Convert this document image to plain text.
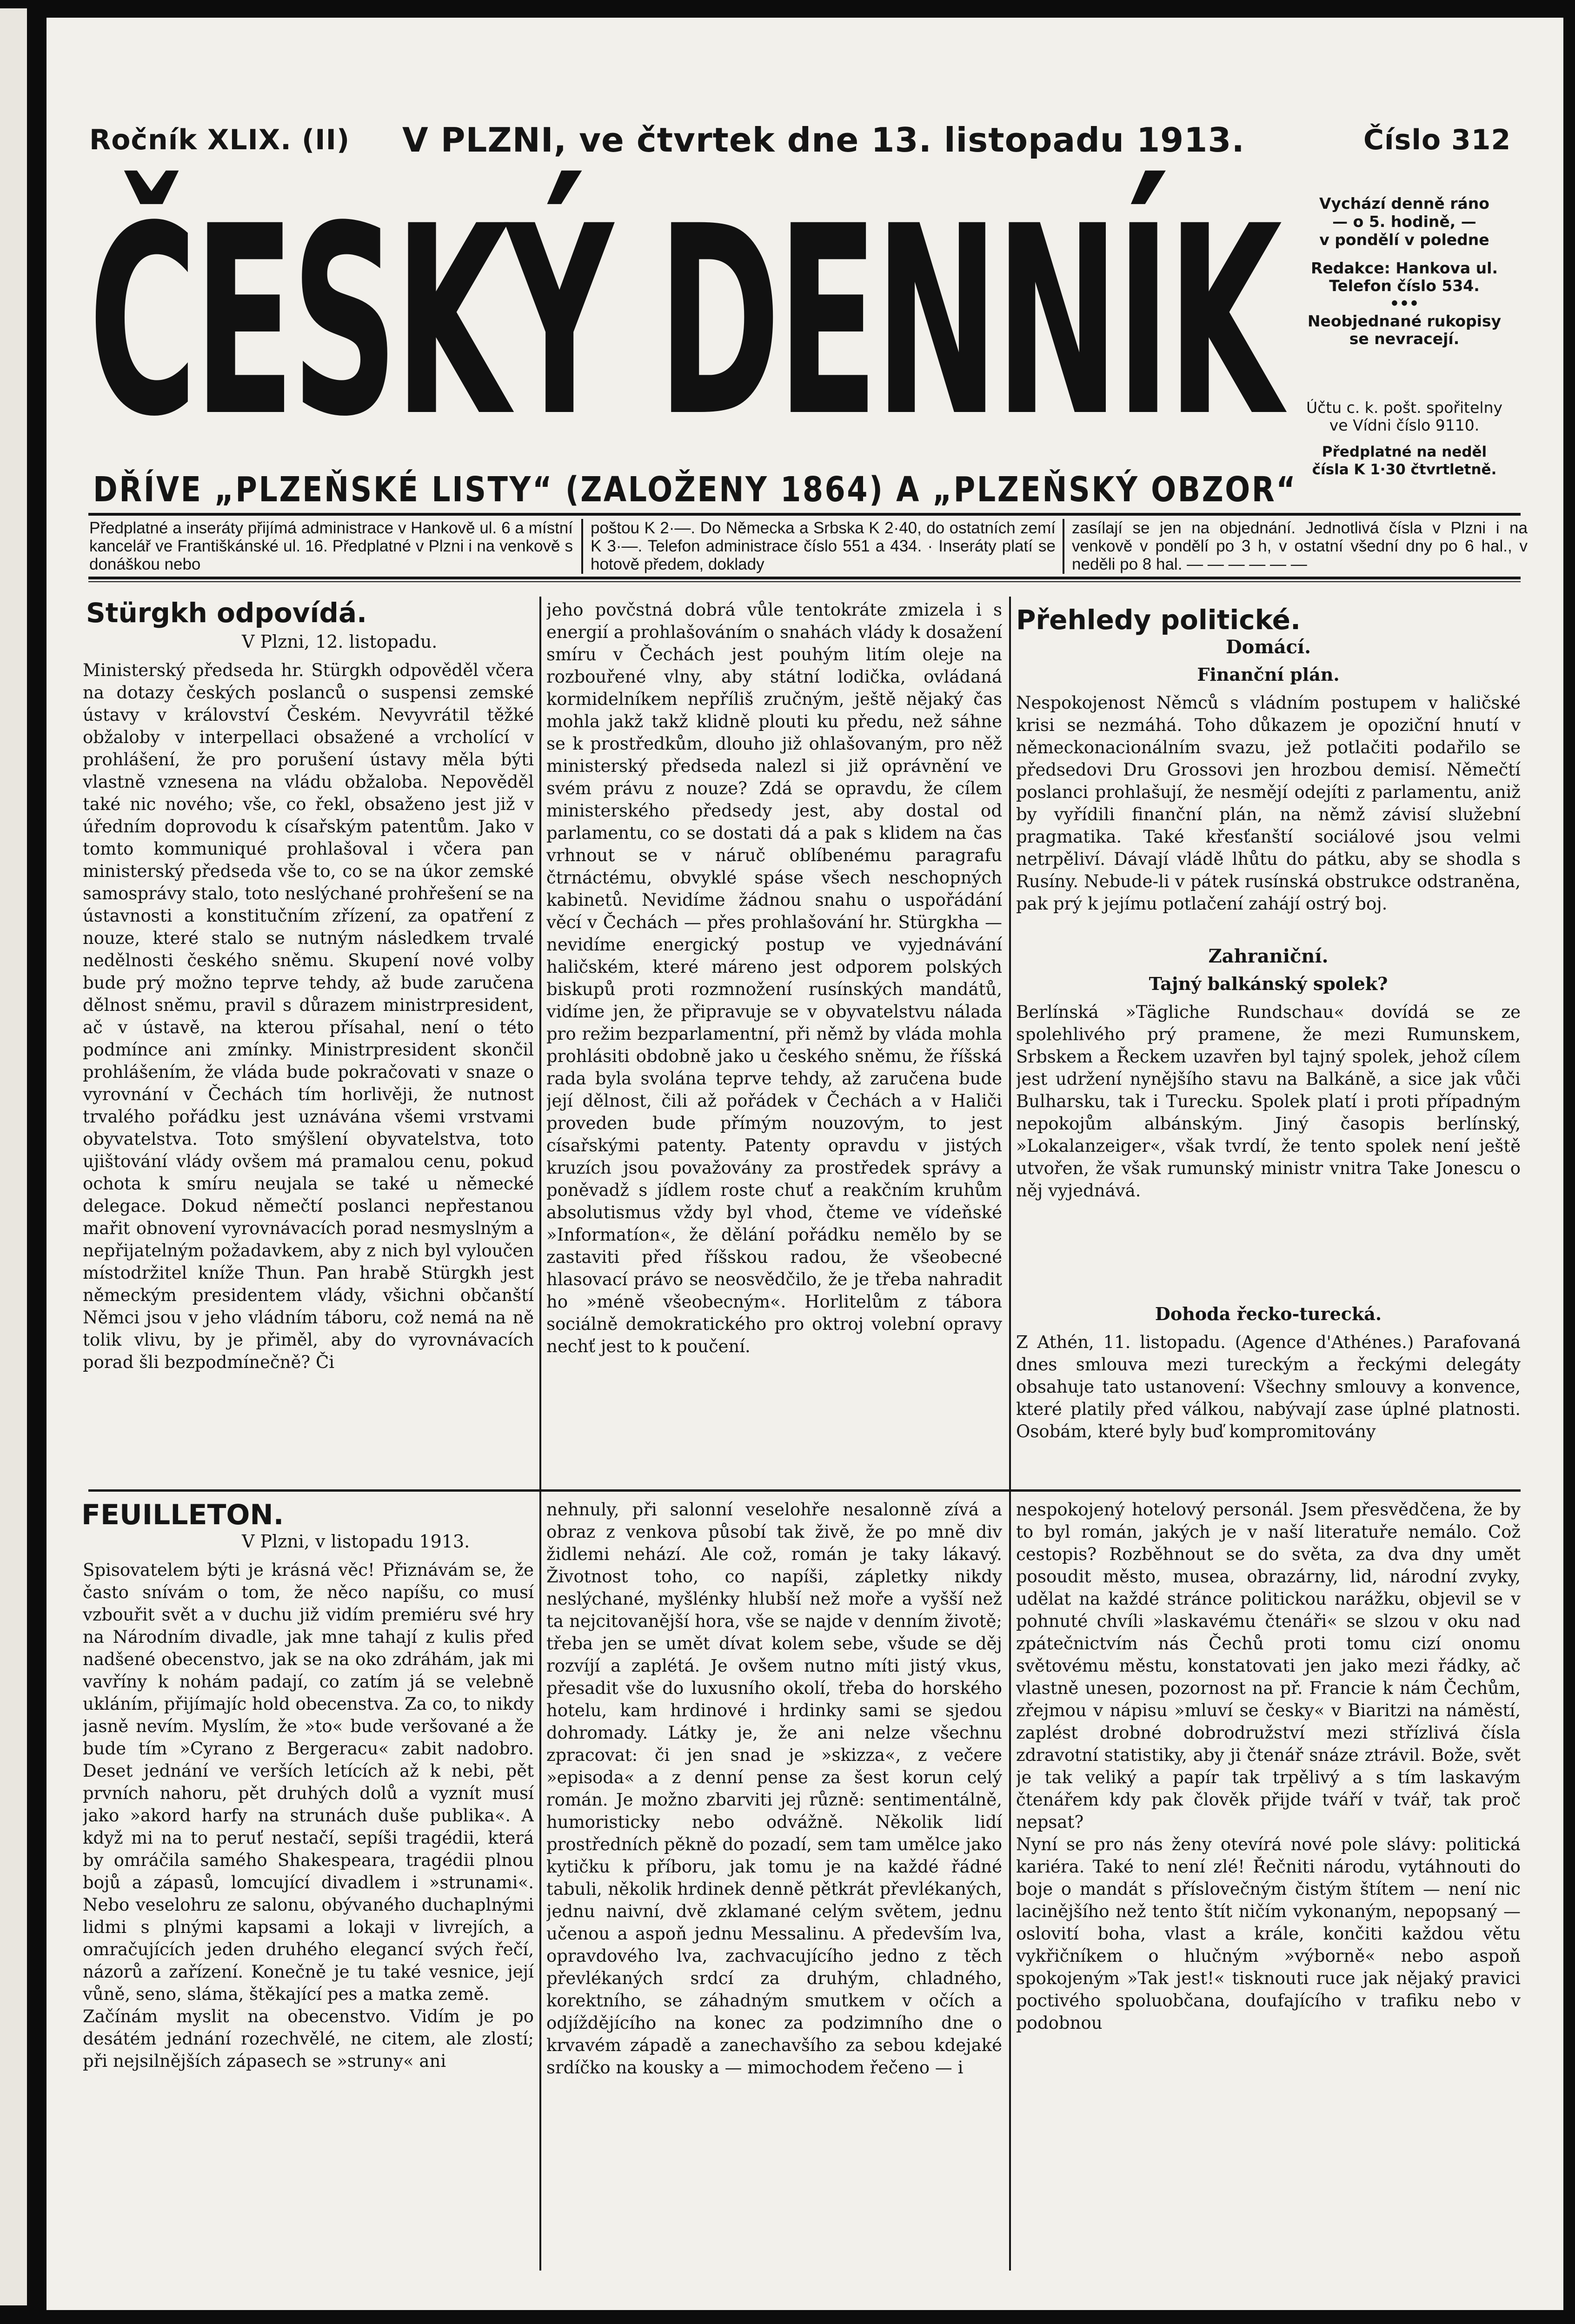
Ročník XLIX. (II)	V PLZNI, ve čtvrtek dne 13. listopadu 1913.	Číslo 312
ČESKÝ DENNÍK	Vychází denně ráno
— o 5. hodině, —
v pondělí v poledne
Redakce: Hankova ul.
Telefon číslo 534.
•••
Neobjednané rukopisy
se nevracejí.
Účtu c. k. pošt. spořitelny
ve Vídni číslo 9110.
Předplatné na neděl
čísla K 1·30 čtvrtletně.
DŘÍVE „PLZEŇSKÉ LISTY“ (ZALOŽENY 1864) A „PLZEŇSKÝ OBZOR“
Předplatné a inseráty přijímá administrace v Hankově ul. 6 a místní kancelář ve Františkánské ul. 16. Předplatné v Plzni i na venkově s donáškou nebo
poštou K 2·—. Do Německa a Srbska K 2·40, do ostatních zemí K 3·—. Telefon administrace číslo 551 a 434. · Inseráty platí se hotově předem, doklady
zasílají se jen na objednání. Jednotlivá čísla v Plzni i na venkově v pondělí po 3 h, v ostatní všední dny po 6 hal., v neděli po 8 hal. — — — — — —
Stürgkh odpovídá.
V Plzni, 12. listopadu.
Ministerský předseda hr. Stürgkh odpověděl včera na dotazy českých poslanců o suspensi zemské ústavy v království Českém. Nevyvrátil těžké obžaloby v interpellaci obsažené a vrcholící v prohlášení, že pro porušení ústavy měla býti vlastně vznesena na vládu obžaloba. Nepověděl také nic nového; vše, co řekl, obsaženo jest již v úředním doprovodu k císařským patentům. Jako v tomto kommuniqué prohlašoval i včera pan ministerský předseda vše to, co se na úkor zemské samosprávy stalo, toto neslýchané prohřešení se na ústavnosti a konstitučním zřízení, za opatření z nouze, které stalo se nutným následkem trvalé nedělnosti českého sněmu. Skupení nové volby bude prý možno teprve tehdy, až bude zaručena dělnost sněmu, pravil s důrazem ministrpresident, ač v ústavě, na kterou přísahal, není o této podmínce ani zmínky. Ministrpresident skončil prohlášením, že vláda bude pokračovati v snaze o vyrovnání v Čechách tím horlivěji, že nutnost trvalého pořádku jest uznávána všemi vrstvami obyvatelstva. Toto smýšlení obyvatelstva, toto ujištování vlády ovšem má pramalou cenu, pokud ochota k smíru neujala se také u německé delegace. Dokud němečtí poslanci nepřestanou mařit obnovení vyrovnávacích porad nesmyslným a nepřijatelným požadavkem, aby z nich byl vyloučen místodržitel kníže Thun. Pan hrabě Stürgkh jest německým presidentem vlády, všichni občanští Němci jsou v jeho vládním táboru, což nemá na ně tolik vlivu, by je přiměl, aby do vyrovnávacích porad šli bezpodmínečně? Či
jeho povčstná dobrá vůle tentokráte zmizela i s energií a prohlašováním o snahách vlády k dosažení smíru v Čechách jest pouhým litím oleje na rozbouřené vlny, aby státní lodička, ovládaná kormidelníkem nepříliš zručným, ještě nějaký čas mohla jakž takž klidně plouti ku předu, než sáhne se k prostředkům, dlouho již ohlašovaným, pro něž ministerský předseda nalezl si již oprávnění ve svém právu z nouze? Zdá se opravdu, že cílem ministerského předsedy jest, aby dostal od parlamentu, co se dostati dá a pak s klidem na čas vrhnout se v náruč oblíbenému paragrafu čtrnáctému, obvyklé spáse všech neschopných kabinetů. Nevidíme žádnou snahu o uspořádání věcí v Čechách — přes prohlašování hr. Stürgkha — nevidíme energický postup ve vyjednávání haličském, které máreno jest odporem polských biskupů proti rozmnožení rusínských mandátů, vidíme jen, že připravuje se v obyvatelstvu nálada pro režim bezparlamentní, při němž by vláda mohla prohlásiti obdobně jako u českého sněmu, že říšská rada byla svolána teprve tehdy, až zaručena bude její dělnost, čili až pořádek v Čechách a v Haliči proveden bude přímým nouzovým, to jest císařskými patenty. Patenty opravdu v jistých kruzích jsou považovány za prostředek správy a poněvadž s jídlem roste chuť a reakčním kruhům absolutismus vždy byl vhod, čteme ve vídeňské »Informatíon«, že dělání pořádku nemělo by se zastaviti před říšskou radou, že všeobecné hlasovací právo se neosvědčilo, že je třeba nahradit ho »méně všeobecným«. Horlitelům z tábora sociálně demokratického pro oktroj volební opravy nechť jest to k poučení.
Přehledy politické.
Domácí.
Finanční plán.
Nespokojenost Němců s vládním postupem v haličské krisi se nezmáhá. Toho důkazem je opoziční hnutí v německonacionálním svazu, jež potlačiti podařilo se předsedovi Dru Grossovi jen hrozbou demisí. Němečtí poslanci prohlašují, že nesmějí odejíti z parlamentu, aniž by vyřídili finanční plán, na němž závisí služební pragmatika. Také křesťanští sociálové jsou velmi netrpěliví. Dávají vládě lhůtu do pátku, aby se shodla s Rusíny. Nebude-li v pátek rusínská obstrukce odstraněna, pak prý k jejímu potlačení zahájí ostrý boj.
Zahraniční.
Tajný balkánský spolek?
Berlínská »Tägliche Rundschau« dovídá se ze spolehlivého prý pramene, že mezi Rumunskem, Srbskem a Řeckem uzavřen byl tajný spolek, jehož cílem jest udržení nynějšího stavu na Balkáně, a sice jak vůči Bulharsku, tak i Turecku. Spolek platí i proti případným nepokojům albánským. Jiný časopis berlínský, »Lokalanzeiger«, však tvrdí, že tento spolek není ještě utvořen, že však rumunský ministr vnitra Take Jonescu o něj vyjednává.
Dohoda řecko-turecká.
Z Athén, 11. listopadu. (Agence d'Athénes.) Parafovaná dnes smlouva mezi tureckým a řeckými delegáty obsahuje tato ustanovení: Všechny smlouvy a konvence, které platily před válkou, nabývají zase úplné platnosti. Osobám, které byly buď kompromitovány
FEUILLETON.
V Plzni, v listopadu 1913.
Spisovatelem býti je krásná věc! Přiznávám se, že často snívám o tom, že něco napíšu, co musí vzbouřit svět a v duchu již vidím premiéru své hry na Národním divadle, jak mne tahají z kulis před nadšené obecenstvo, jak se na oko zdráhám, jak mi vavříny k nohám padají, co zatím já se velebně ukláním, přijímajíc hold obecenstva. Za co, to nikdy jasně nevím. Myslím, že »to« bude veršované a že bude tím »Cyrano z Bergeracu« zabit nadobro. Deset jednání ve verších letících až k nebi, pět prvních nahoru, pět druhých dolů a vyznít musí jako »akord harfy na strunách duše publika«. A když mi na to peruť nestačí, sepíši tragédii, která by omráčila samého Shakespeara, tragédii plnou bojů a zápasů, lomcující divadlem i »strunami«. Nebo veselohru ze salonu, obývaného duchaplnými lidmi s plnými kapsami a lokaji v livrejích, a omračujících jeden druhého elegancí svých řečí, názorů a zařízení. Konečně je tu také vesnice, její vůně, seno, sláma, štěkající pes a matka země.
Začínám myslit na obecenstvo. Vidím je po desátém jednání rozechvělé, ne citem, ale zlostí; při nejsilnějších zápasech se »struny« ani
nehnuly, při salonní veselohře nesalonně zívá a obraz z venkova působí tak živě, že po mně div židlemi nehází. Ale což, román je taky lákavý. Životnost toho, co napíši, zápletky nikdy neslýchané, myšlénky hlubší než moře a vyšší než ta nejcitovanější hora, vše se najde v denním životě; třeba jen se umět dívat kolem sebe, všude se děj rozvíjí a zaplétá. Je ovšem nutno míti jistý vkus, přesadit vše do luxusního okolí, třeba do horského hotelu, kam hrdinové i hrdinky sami se sjedou dohromady. Látky je, že ani nelze všechnu zpracovat: či jen snad je »skizza«, z večere »episoda« a z denní pense za šest korun celý román. Je možno zbarviti jej různě: sentimentálně, humoristicky nebo odvážně. Několik lidí prostředních pěkně do pozadí, sem tam umělce jako kytičku k příboru, jak tomu je na každé řádné tabuli, několik hrdinek denně pětkrát převlékaných, jednu naivní, dvě zklamané celým světem, jednu učenou a aspoň jednu Messalinu. A především lva, opravdového lva, zachvacujícího jedno z těch převlékaných srdcí za druhým, chladného, korektního, se záhadným smutkem v očích a odjíždějícího na konec za podzimního dne o krvavém západě a zanechavšího za sebou kdejaké srdíčko na kousky a — mimochodem řečeno — i
nespokojený hotelový personál. Jsem přesvědčena, že by to byl román, jakých je v naší literatuře nemálo. Což cestopis? Rozběhnout se do světa, za dva dny umět posoudit město, musea, obrazárny, lid, národní zvyky, udělat na každé stránce politickou narážku, objevil se v pohnuté chvíli »laskavému čtenáři« se slzou v oku nad zpátečnictvím nás Čechů proti tomu cizí onomu světovému městu, konstatovati jen jako mezi řádky, ač vlastně unesen, pozornost na př. Francie k nám Čechům, zřejmou v nápisu »mluví se česky« v Biaritzi na náměstí, zaplést drobné dobrodružství mezi střízlivá čísla zdravotní statistiky, aby ji čtenář snáze ztrávil. Bože, svět je tak veliký a papír tak trpělivý a s tím laskavým čtenářem kdy pak člověk přijde tváří v tvář, tak proč nepsat?
Nyní se pro nás ženy otevírá nové pole slávy: politická kariéra. Také to není zlé! Řečniti národu, vytáhnouti do boje o mandát s příslovečným čistým štítem — není nic lacinějšího než tento štít ničím vykonaným, nepopsaný — oslovití boha, vlast a krále, končiti každou větu vykřičníkem o hlučným »výborně« nebo aspoň spokojeným »Tak jest!« tisknouti ruce jak nějaký pravici poctivého spoluobčana, doufajícího v trafiku nebo v podobnou
